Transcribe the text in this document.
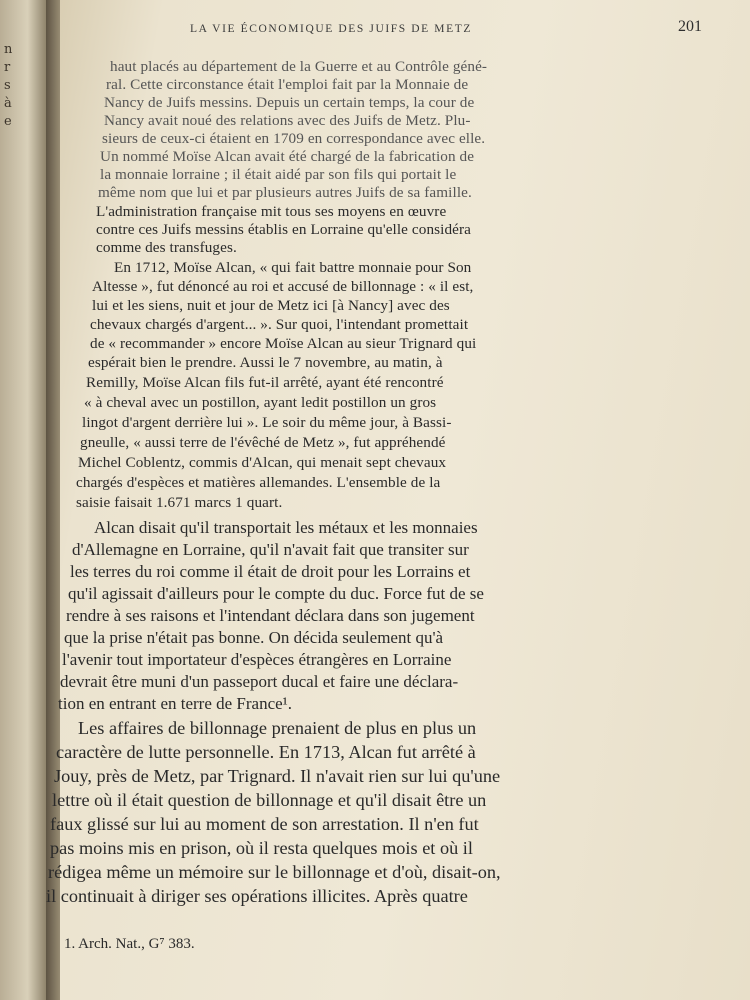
n
r
s
à
e
LA VIE ÉCONOMIQUE DES JUIFS DE METZ	201
haut placés au département de la Guerre et au Contrôle géné-
ral. Cette circonstance était l'emploi fait par la Monnaie de
Nancy de Juifs messins. Depuis un certain temps, la cour de
Nancy avait noué des relations avec des Juifs de Metz. Plu-
sieurs de ceux-ci étaient en 1709 en correspondance avec elle.
Un nommé Moïse Alcan avait été chargé de la fabrication de
la monnaie lorraine ; il était aidé par son fils qui portait le
même nom que lui et par plusieurs autres Juifs de sa famille.
L'administration française mit tous ses moyens en œuvre
contre ces Juifs messins établis en Lorraine qu'elle considéra
comme des transfuges.
En 1712, Moïse Alcan, « qui fait battre monnaie pour Son
Altesse », fut dénoncé au roi et accusé de billonnage : « il est,
lui et les siens, nuit et jour de Metz ici [à Nancy] avec des
chevaux chargés d'argent... ». Sur quoi, l'intendant promettait
de « recommander » encore Moïse Alcan au sieur Trignard qui
espérait bien le prendre. Aussi le 7 novembre, au matin, à
Remilly, Moïse Alcan fils fut-il arrêté, ayant été rencontré
« à cheval avec un postillon, ayant ledit postillon un gros
lingot d'argent derrière lui ». Le soir du même jour, à Bassi-
gneulle, « aussi terre de l'évêché de Metz », fut appréhendé
Michel Coblentz, commis d'Alcan, qui menait sept chevaux
chargés d'espèces et matières allemandes. L'ensemble de la
saisie faisait 1.671 marcs 1 quart.
Alcan disait qu'il transportait les métaux et les monnaies
d'Allemagne en Lorraine, qu'il n'avait fait que transiter sur
les terres du roi comme il était de droit pour les Lorrains et
qu'il agissait d'ailleurs pour le compte du duc. Force fut de se
rendre à ses raisons et l'intendant déclara dans son jugement
que la prise n'était pas bonne. On décida seulement qu'à
l'avenir tout importateur d'espèces étrangères en Lorraine
devrait être muni d'un passeport ducal et faire une déclara-
tion en entrant en terre de France¹.
Les affaires de billonnage prenaient de plus en plus un
caractère de lutte personnelle. En 1713, Alcan fut arrêté à
Jouy, près de Metz, par Trignard. Il n'avait rien sur lui qu'une
lettre où il était question de billonnage et qu'il disait être un
faux glissé sur lui au moment de son arrestation. Il n'en fut
pas moins mis en prison, où il resta quelques mois et où il
rédigea même un mémoire sur le billonnage et d'où, disait-on,
il continuait à diriger ses opérations illicites. Après quatre
1. Arch. Nat., G⁷ 383.
